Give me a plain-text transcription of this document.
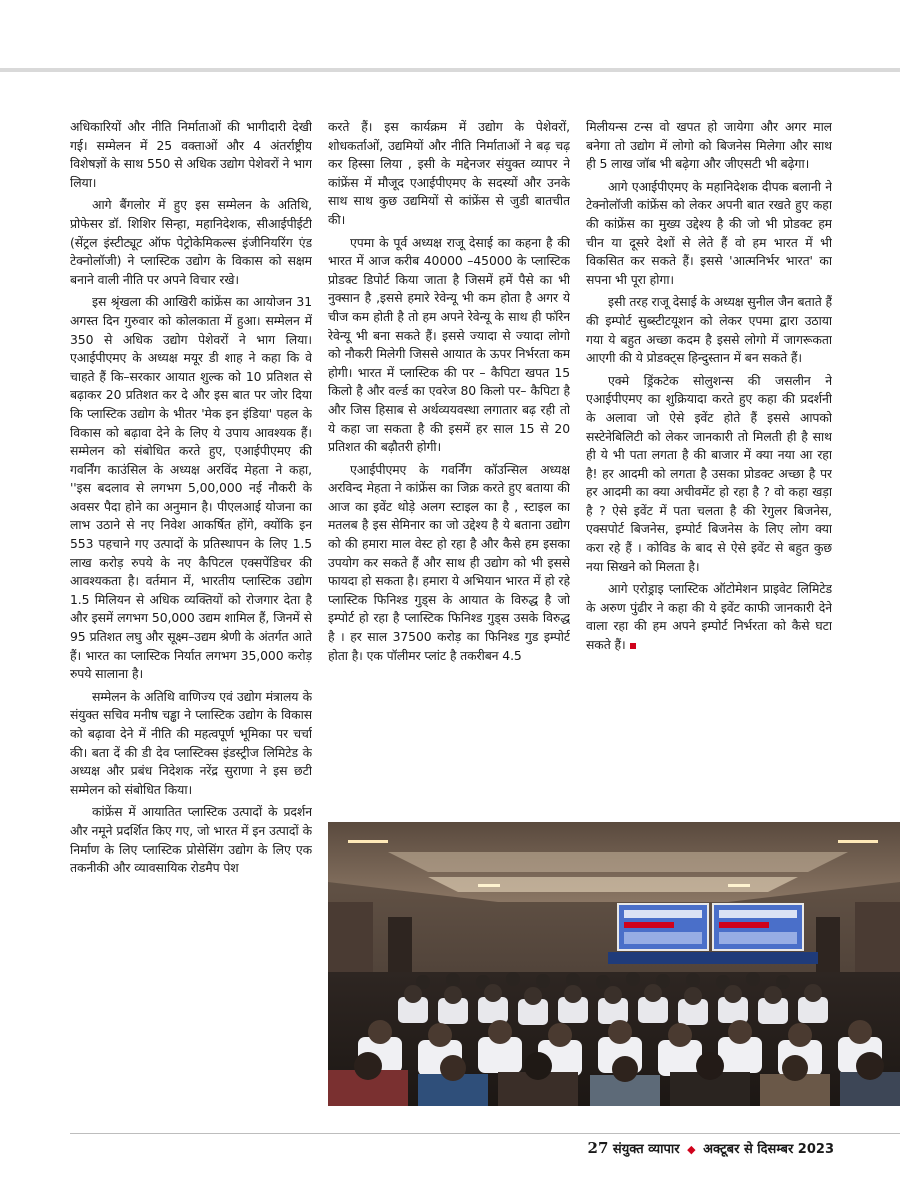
अधिकारियों और नीति निर्माताओं की भागीदारी देखी गई। सम्मेलन में 25 वक्ताओं और 4 अंतर्राष्ट्रीय विशेषज्ञों के साथ 550 से अधिक उद्योग पेशेवरों ने भाग लिया।

आगे बैंगलोर में हुए इस सम्मेलन के अतिथि, प्रोफेसर डॉ. शिशिर सिन्हा, महानिदेशक, सीआईपीईटी (सेंट्रल इंस्टीट्यूट ऑफ पेट्रोकेमिकल्स इंजीनियरिंग एंड टेक्नोलॉजी) ने प्लास्टिक उद्योग के विकास को सक्षम बनाने वाली नीति पर अपने विचार रखे।

इस श्रृंखला की आखिरी कांफ्रेंस का आयोजन 31 अगस्त दिन गुरुवार को कोलकाता में हुआ। सम्मेलन में 350 से अधिक उद्योग पेशेवरों ने भाग लिया।एआईपीएमए के अध्यक्ष मयूर डी शाह ने कहा कि वे चाहते हैं कि–सरकार आयात शुल्क को 10 प्रतिशत से बढ़ाकर 20 प्रतिशत कर दे और इस बात पर जोर दिया कि प्लास्टिक उद्योग के भीतर 'मेक इन इंडिया' पहल के विकास को बढ़ावा देने के लिए ये उपाय आवश्यक हैं। सम्मेलन को संबोधित करते हुए, एआईपीएमए की गवर्निंग काउंसिल के अध्यक्ष अरविंद मेहता ने कहा, ''इस बदलाव से लगभग 5,00,000 नई नौकरी के अवसर पैदा होने का अनुमान है। पीएलआई योजना का लाभ उठाने से नए निवेश आकर्षित होंगे, क्योंकि इन 553 पहचाने गए उत्पादों के प्रतिस्थापन के लिए 1.5 लाख करोड़ रुपये के नए कैपिटल एक्सपेंडिचर की आवश्यकता है। वर्तमान में, भारतीय प्लास्टिक उद्योग 1.5 मिलियन से अधिक व्यक्तियों को रोजगार देता है और इसमें लगभग 50,000 उद्यम शामिल हैं, जिनमें से 95 प्रतिशत लघु और सूक्ष्म–उद्यम श्रेणी के अंतर्गत आते हैं। भारत का प्लास्टिक निर्यात लगभग 35,000 करोड़ रुपये सालाना है।

सम्मेलन के अतिथि वाणिज्य एवं उद्योग मंत्रालय के संयुक्त सचिव मनीष चड्ढा ने प्लास्टिक उद्योग के विकास को बढ़ावा देने में नीति की महत्वपूर्ण भूमिका पर चर्चा की। बता दें की डी देव प्लास्टिक्स इंडस्ट्रीज लिमिटेड के अध्यक्ष और प्रबंध निदेशक नरेंद्र सुराणा ने इस छटी सम्मेलन को संबोधित किया।

कांफ्रेंस में आयातित प्लास्टिक उत्पादों के प्रदर्शन और नमूने प्रदर्शित किए गए, जो भारत में इन उत्पादों के निर्माण के लिए प्लास्टिक प्रोसेसिंग उद्योग के लिए एक तकनीकी और व्यावसायिक रोडमैप पेश

करते हैं। इस कार्यक्रम में उद्योग के पेशेवरों, शोधकर्ताओं, उद्यमियों और नीति निर्माताओं ने बढ़ चढ़ कर हिस्सा लिया , इसी के मद्देनजर संयुक्त व्यापर ने कांफ्रेंस में मौजूद एआईपीएमए के सदस्यों और उनके साथ साथ कुछ उद्यमियों से कांफ्रेंस से जुडी बातचीत की।

एपमा के पूर्व अध्यक्ष राजू देसाई का कहना है की भारत में आज करीब 40000 –45000 के प्लास्टिक प्रोडक्ट डिपोर्ट किया जाता है जिसमें हमें पैसे का भी नुक्सान है ,इससे हमारे रेवेन्यू भी कम होता है अगर ये चीज कम होती है तो हम अपने रेवेन्यू के साथ ही फॉरेन रेवेन्यू भी बना सकते हैं। इससे ज्यादा से ज्यादा लोगो को नौकरी मिलेगी जिससे आयात के ऊपर निर्भरता कम होगी। भारत में प्लास्टिक की पर – कैपिटा खपत 15 किलो है और वर्ल्ड का एवरेज 80 किलो पर– कैपिटा है और जिस हिसाब से अर्थव्ययवस्था लगातार बढ़ रही तो ये कहा जा सकता है की इसमें हर साल 15 से 20 प्रतिशत की बढ़ौतरी होगी।

एआईपीएमए के गवर्निंग कॉउन्सिल अध्यक्ष अरविन्द मेहता ने कांफ्रेंस का जिक्र करते हुए बताया की आज का इवेंट थोड़े अलग स्टाइल का है , स्टाइल का मतलब है इस सेमिनार का जो उद्देश्य है ये बताना उद्योग को की हमारा माल वेस्ट हो रहा है और कैसे हम इसका उपयोग कर सकते हैं और साथ ही उद्योग को भी इससे फायदा हो सकता है। हमारा ये अभियान भारत में हो रहे प्लास्टिक फिनिश्ड गुड्स के आयात के विरुद्ध है जो इम्पोर्ट हो रहा है प्लास्टिक फिनिश्ड गुड्स उसके विरुद्ध है । हर साल 37500 करोड़ का फिनिश्ड गुड इम्पोर्ट होता है। एक पॉलीमर प्लांट है तकरीबन 4.5

मिलीयन्स टन्स वो खपत हो जायेगा और अगर माल बनेगा तो उद्योग में लोगो को बिजनेस मिलेगा और साथ ही 5 लाख जॉब भी बढ़ेगा और जीएसटी भी बढ़ेगा।

आगे एआईपीएमए के महानिदेशक दीपक बलानी ने टेक्नोलॉजी कांफ्रेंस को लेकर अपनी बात रखते हुए कहा की कांफ्रेंस का मुख्य उद्देश्य है की जो भी प्रोडक्ट हम चीन या दूसरे देशों से लेते हैं वो हम भारत में भी विकसित कर सकते हैं। इससे 'आत्मनिर्भर भारत' का सपना भी पूरा होगा।

इसी तरह राजू देसाई के अध्यक्ष सुनील जैन बताते हैं की इम्पोर्ट सुब्स्टीटयूशन को लेकर एपमा द्वारा उठाया गया ये बहुत अच्छा कदम है इससे लोगो में जागरूकता आएगी की ये प्रोडक्ट्स हिन्दुस्तान में बन सकते हैं।

एक्मे ड्रिंकटेक सोलुशन्स की जसलीन ने एआईपीएमए का शुक्रियादा करते हुए कहा की प्रदर्शनी के अलावा जो ऐसे इवेंट होते हैं इससे आपको सस्टेनेबिलिटी को लेकर जानकारी तो मिलती ही है साथ ही ये भी पता लगता है की बाजार में क्या नया आ रहा है! हर आदमी को लगता है उसका प्रोडक्ट अच्छा है पर हर आदमी का क्या अचीवमेंट हो रहा है ? वो कहा खड़ा है ? ऐसे इवेंट में पता चलता है की रेगुलर बिजनेस, एक्सपोर्ट बिजनेस, इम्पोर्ट बिजनेस के लिए लोग क्या करा रहे हैं । कोविड के बाद से ऐसे इवेंट से बहुत कुछ नया सिखने को मिलता है।

आगे एरोड्राइ प्लास्टिक ऑटोमेशन प्राइवेट लिमिटेड के अरुण पुंढीर ने कहा की ये इवेंट काफी जानकारी देने वाला रहा की हम अपने इम्पोर्ट निर्भरता को कैसे घटा सकते हैं।

27 संयुक्त व्यापार ◆ अक्टूबर से दिसम्बर 2023
